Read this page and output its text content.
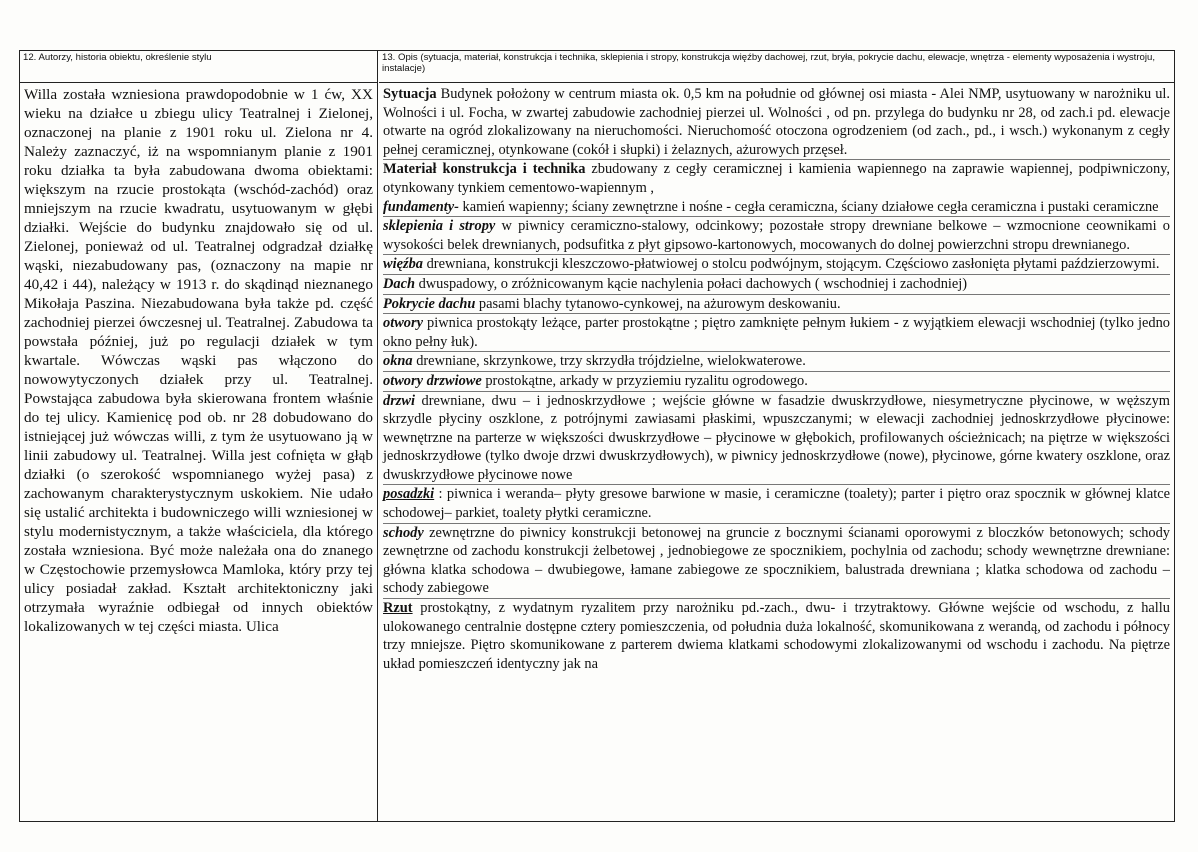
12. Autorzy, historia obiektu, określenie stylu
Willa została wzniesiona prawdopodobnie w 1 ćw, XX wieku na działce u zbiegu ulicy Teatralnej i Zielonej, oznaczonej na planie z 1901 roku ul. Zielona nr 4. Należy zaznaczyć, iż na wspomnianym planie z 1901 roku działka ta była zabudowana dwoma obiektami: większym na rzucie prostokąta (wschód-zachód) oraz mniejszym na rzucie kwadratu, usytuowanym w głębi działki. Wejście do budynku znajdowało się od ul. Zielonej, ponieważ od ul. Teatralnej odgradzał działkę wąski, niezabudowany pas, (oznaczony na mapie nr 40,42 i 44), należący w 1913 r. do skądinąd nieznanego Mikołaja Paszina. Niezabudowana była także pd. część zachodniej pierzei ówczesnej ul. Teatralnej. Zabudowa ta powstała później, już po regulacji działek w tym kwartale. Wówczas wąski pas włączono do nowowytyczonych działek przy ul. Teatralnej. Powstająca zabudowa była skierowana frontem właśnie do tej ulicy. Kamienicę pod ob. nr 28 dobudowano do istniejącej już wówczas willi, z tym że usytuowano ją w linii zabudowy ul. Teatralnej. Willa jest cofnięta w głąb działki (o szerokość wspomnianego wyżej pasa) z zachowanym charakterystycznym uskokiem. Nie udało się ustalić architekta i budowniczego willi wzniesionej w stylu modernistycznym, a także właściciela, dla którego została wzniesiona. Być może należała ona do znanego w Częstochowie przemysłowca Mamloka, który przy tej ulicy posiadał zakład. Kształt architektoniczny jaki otrzymała wyraźnie odbiegał od innych obiektów lokalizowanych w tej części miasta. Ulica
13. Opis (sytuacja, materiał, konstrukcja i technika, sklepienia i stropy, konstrukcja więźby dachowej, rzut, bryła, pokrycie dachu, elewacje, wnętrza - elementy wyposażenia i wystroju, instalacje)

Sytuacja Budynek położony w centrum miasta ok. 0,5 km na południe od głównej osi miasta - Alei NMP, usytuowany w narożniku ul. Wolności i ul. Focha, w zwartej zabudowie zachodniej pierzei ul. Wolności , od pn. przylega do budynku nr 28, od zach.i pd. elewacje otwarte na ogród zlokalizowany na nieruchomości. Nieruchomość otoczona ogrodzeniem (od zach., pd., i wsch.) wykonanym z cegły pełnej ceramicznej, otynkowane (cokół i słupki) i żelaznych, ażurowych przęseł.

Materiał konstrukcja i technika zbudowany z cegły ceramicznej i kamienia wapiennego na zaprawie wapiennej, podpiwniczony, otynkowany tynkiem cementowo-wapiennym ,

fundamenty- kamień wapienny; ściany zewnętrzne i nośne - cegła ceramiczna, ściany działowe cegła ceramiczna i pustaki ceramiczne

sklepienia i stropy w piwnicy ceramiczno-stalowy, odcinkowy; pozostałe stropy drewniane belkowe – wzmocnione ceownikami o wysokości belek drewnianych, podsufitka z płyt gipsowo-kartonowych, mocowanych do dolnej powierzchni stropu drewnianego.

więźba drewniana, konstrukcji kleszczowo-płatwiowej o stolcu podwójnym, stojącym. Częściowo zasłonięta płytami paździerzowymi.

Dach dwuspadowy, o zróżnicowanym kącie nachylenia połaci dachowych ( wschodniej i zachodniej)

Pokrycie dachu pasami blachy tytanowo-cynkowej, na ażurowym deskowaniu.

otwory piwnica prostokąty leżące, parter prostokątne ; piętro zamknięte pełnym łukiem - z wyjątkiem elewacji wschodniej (tylko jedno okno pełny łuk).

okna drewniane, skrzynkowe, trzy skrzydła trójdzielne, wielokwaterowe.

otwory drzwiowe prostokątne, arkady w przyziemiu ryzalitu ogrodowego.

drzwi drewniane, dwu – i jednoskrzydłowe ; wejście główne w fasadzie dwuskrzydłowe, niesymetryczne płycinowe, w węższym skrzydle płyciny oszklone, z potrójnymi zawiasami płaskimi, wpuszczanymi; w elewacji zachodniej jednoskrzydłowe płycinowe: wewnętrzne na parterze w większości dwuskrzydłowe – płycinowe w głębokich, profilowanych ościeżnicach; na piętrze w większości jednoskrzydłowe (tylko dwoje drzwi dwuskrzydłowych), w piwnicy jednoskrzydłowe (nowe), płycinowe, górne kwatery oszklone, oraz dwuskrzydłowe płycinowe nowe

posadzki : piwnica i weranda– płyty gresowe barwione w masie, i ceramiczne (toalety); parter i piętro oraz spocznik w głównej klatce schodowej– parkiet, toalety płytki ceramiczne.

schody zewnętrzne do piwnicy konstrukcji betonowej na gruncie z bocznymi ścianami oporowymi z bloczków betonowych; schody zewnętrzne od zachodu konstrukcji żelbetowej , jednobiegowe ze spocznikiem, pochylnia od zachodu; schody wewnętrzne drewniane: główna klatka schodowa – dwubiegowe, łamane zabiegowe ze spocznikiem, balustrada drewniana ; klatka schodowa od zachodu – schody zabiegowe

Rzut prostokątny, z wydatnym ryzalitem przy narożniku pd.-zach., dwu- i trzytraktowy. Główne wejście od wschodu, z hallu ulokowanego centralnie dostępne cztery pomieszczenia, od południa duża lokalność, skomunikowana z werandą, od zachodu i północy trzy mniejsze. Piętro skomunikowane z parterem dwiema klatkami schodowymi zlokalizowanymi od wschodu i zachodu. Na piętrze układ pomieszczeń identyczny jak na
